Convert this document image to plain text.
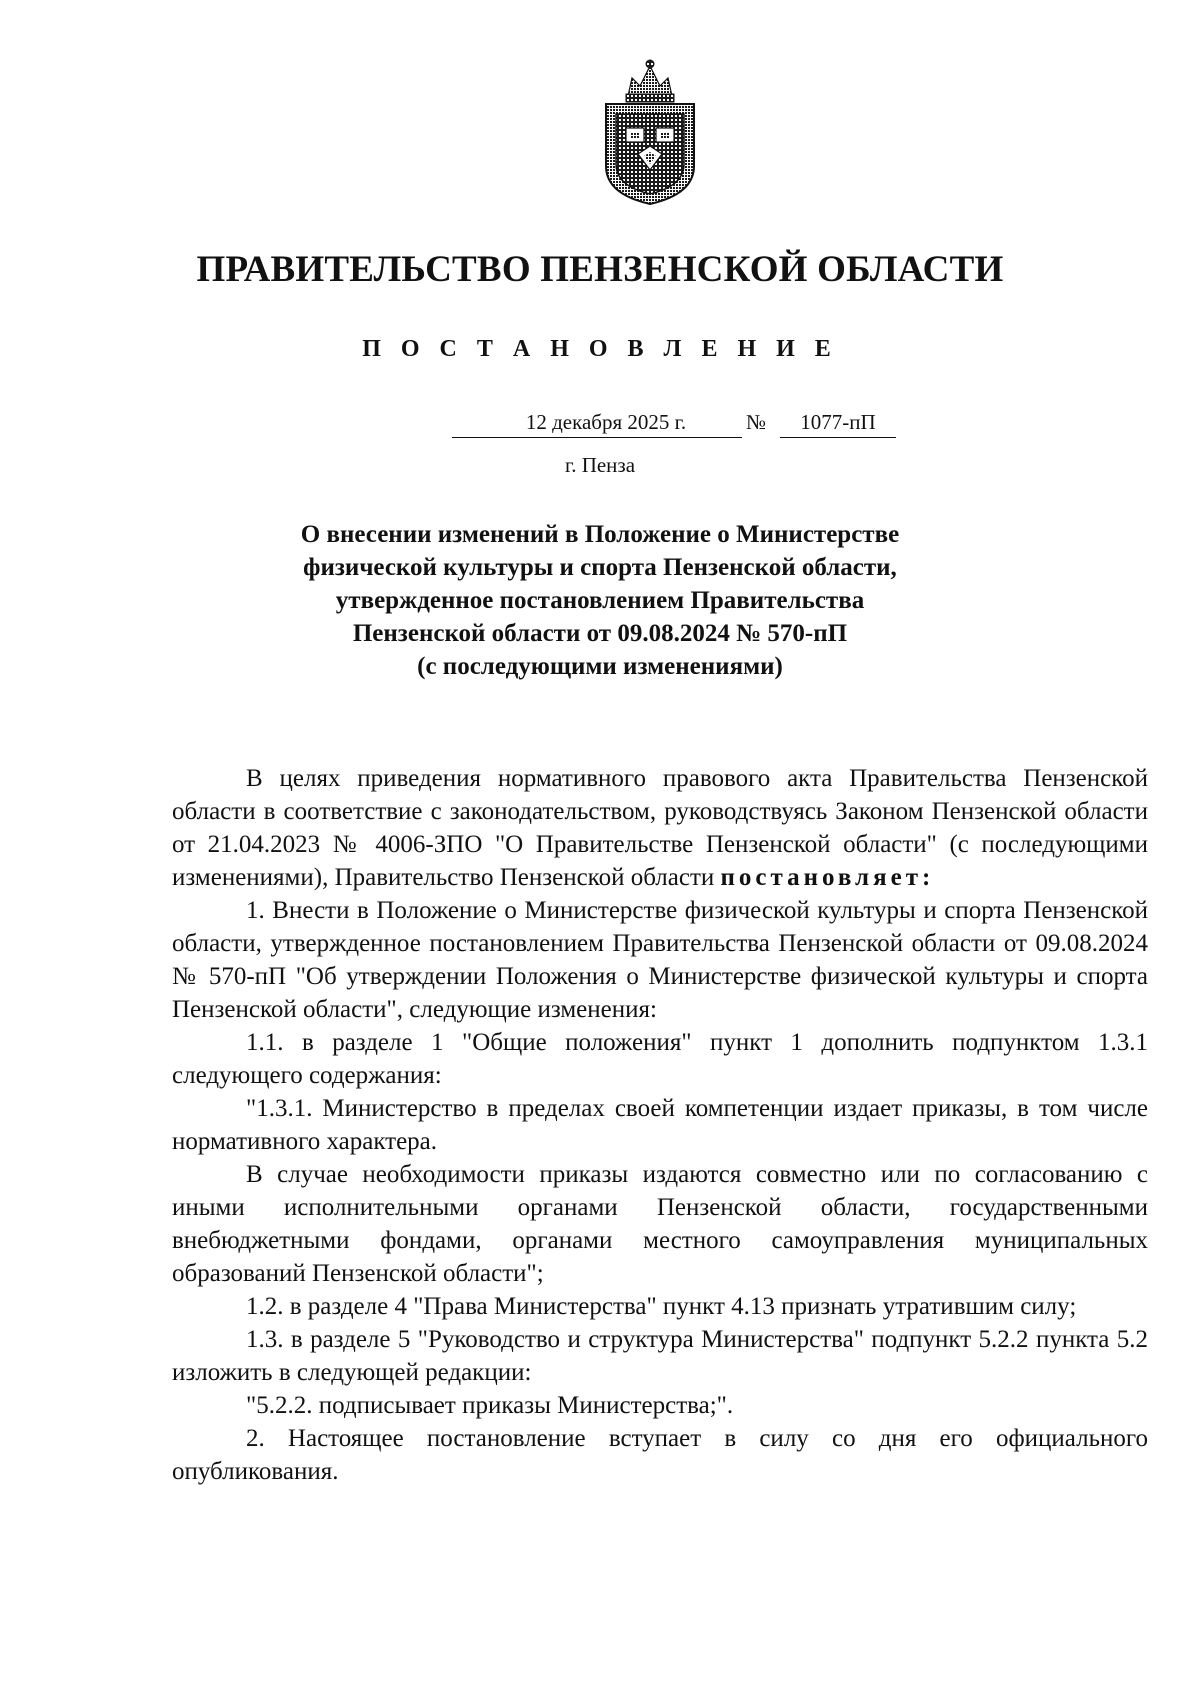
ПРАВИТЕЛЬСТВО ПЕНЗЕНСКОЙ ОБЛАСТИ
П О С Т А Н О В Л Е Н И Е
12 декабря 2025 г.	№	1077-пП
г. Пенза
О внесении изменений в Положение о Министерстве
физической культуры и спорта Пензенской области,
утвержденное постановлением Правительства
Пензенской области от 09.08.2024 № 570-пП
(с последующими изменениями)

В целях приведения нормативного правового акта Правительства Пензенской области в соответствие с законодательством, руководствуясь Законом Пензенской области от 21.04.2023 № 4006-ЗПО "О Правительстве Пензенской области" (с последующими изменениями), Правительство Пензенской области постановляет:

1. Внести в Положение о Министерстве физической культуры и спорта Пензенской области, утвержденное постановлением Правительства Пензенской области от 09.08.2024 № 570-пП "Об утверждении Положения о Министерстве физической культуры и спорта Пензенской области", следующие изменения:

1.1. в разделе 1 "Общие положения" пункт 1 дополнить подпунктом 1.3.1 следующего содержания:

"1.3.1. Министерство в пределах своей компетенции издает приказы, в том числе нормативного характера.

В случае необходимости приказы издаются совместно или по согласованию с иными исполнительными органами Пензенской области, государственными внебюджетными фондами, органами местного самоуправления муниципальных образований Пензенской области";

1.2. в разделе 4 "Права Министерства" пункт 4.13 признать утратившим силу;

1.3. в разделе 5 "Руководство и структура Министерства" подпункт 5.2.2 пункта 5.2 изложить в следующей редакции:

"5.2.2. подписывает приказы Министерства;".

2. Настоящее постановление вступает в силу со дня его официального опубликования.
